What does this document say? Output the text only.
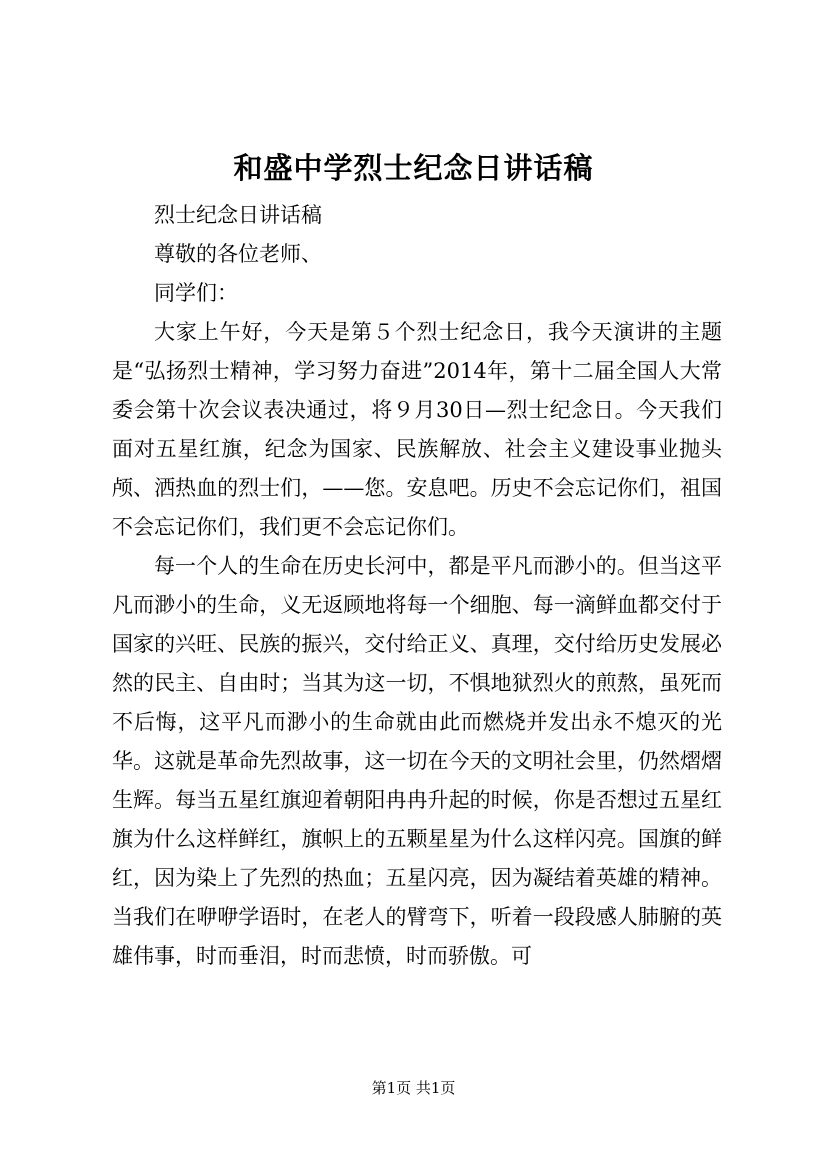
和盛中学烈士纪念日讲话稿

烈士纪念日讲话稿

尊敬的各位老师、

同学们：

大家上午好，今天是第５个烈士纪念日，我今天演讲的主题是“弘扬烈士精神，学习努力奋进”2014年，第十二届全国人大常委会第十次会议表决通过，将９月30日—烈士纪念日。今天我们面对五星红旗，纪念为国家、民族解放、社会主义建设事业抛头颅、洒热血的烈士们，——您。安息吧。历史不会忘记你们，祖国不会忘记你们，我们更不会忘记你们。

每一个人的生命在历史长河中，都是平凡而渺小的。但当这平凡而渺小的生命，义无返顾地将每一个细胞、每一滴鲜血都交付于国家的兴旺、民族的振兴，交付给正义、真理，交付给历史发展必然的民主、自由时；当其为这一切，不惧地狱烈火的煎熬，虽死而不后悔，这平凡而渺小的生命就由此而燃烧并发出永不熄灭的光华。这就是革命先烈故事，这一切在今天的文明社会里，仍然熠熠生辉。每当五星红旗迎着朝阳冉冉升起的时候，你是否想过五星红旗为什么这样鲜红，旗帜上的五颗星星为什么这样闪亮。国旗的鲜红，因为染上了先烈的热血；五星闪亮，因为凝结着英雄的精神。当我们在咿咿学语时，在老人的臂弯下，听着一段段感人肺腑的英雄伟事，时而垂泪，时而悲愤，时而骄傲。可

第1页 共1页
